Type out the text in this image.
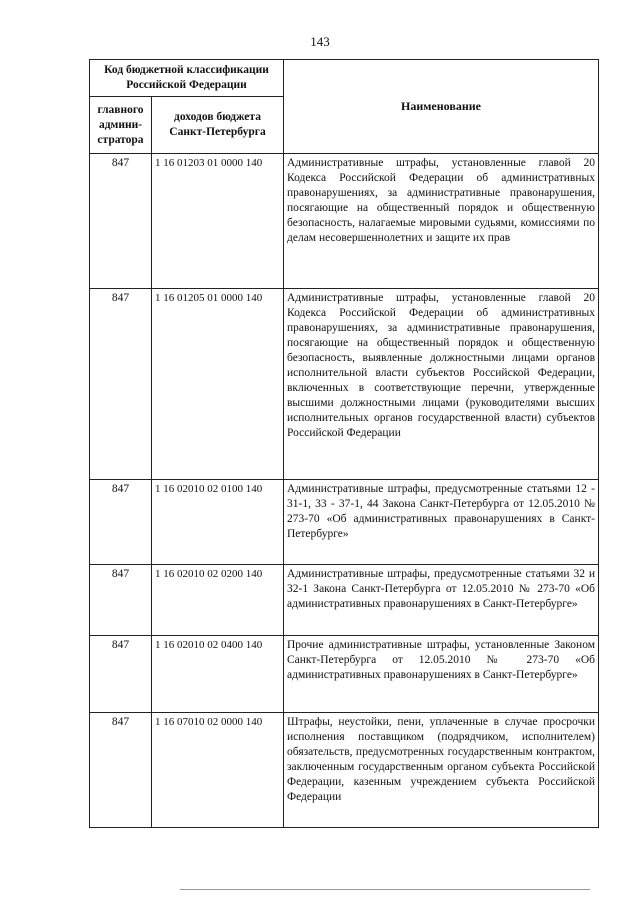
143
Код бюджетной классификации Российской Федерации		Наименование
главного админи-стратора	доходов бюджета Санкт-Петербурга	
847	1 16 01203 01 0000 140	Административные штрафы, установленные главой 20 Кодекса Российской Федерации об административных правонарушениях, за административные правонарушения, посягающие на общественный порядок и общественную безопасность, налагаемые мировыми судьями, комиссиями по делам несовершеннолетних и защите их прав
847	1 16 01205 01 0000 140	Административные штрафы, установленные главой 20 Кодекса Российской Федерации об административных правонарушениях, за административные правонарушения, посягающие на общественный порядок и общественную безопасность, выявленные должностными лицами органов исполнительной власти субъектов Российской Федерации, включенных в соответствующие перечни, утвержденные высшими должностными лицами (руководителями высших исполнительных органов государственной власти) субъектов Российской Федерации
847	1 16 02010 02 0100 140	Административные штрафы, предусмотренные статьями 12 - 31-1, 33 - 37-1, 44 Закона Санкт-Петербурга от 12.05.2010 № 273-70 «Об административных правонарушениях в Санкт-Петербурге»
847	1 16 02010 02 0200 140	Административные штрафы, предусмотренные статьями 32 и 32-1 Закона Санкт-Петербурга от 12.05.2010 № 273-70 «Об административных правонарушениях в Санкт-Петербурге»
847	1 16 02010 02 0400 140	Прочие административные штрафы, установленные Законом Санкт-Петербурга от 12.05.2010 № 273-70 «Об административных правонарушениях в Санкт-Петербурге»
847	1 16 07010 02 0000 140	Штрафы, неустойки, пени, уплаченные в случае просрочки исполнения поставщиком (подрядчиком, исполнителем) обязательств, предусмотренных государственным контрактом, заключенным государственным органом субъекта Российской Федерации, казенным учреждением субъекта Российской Федерации
